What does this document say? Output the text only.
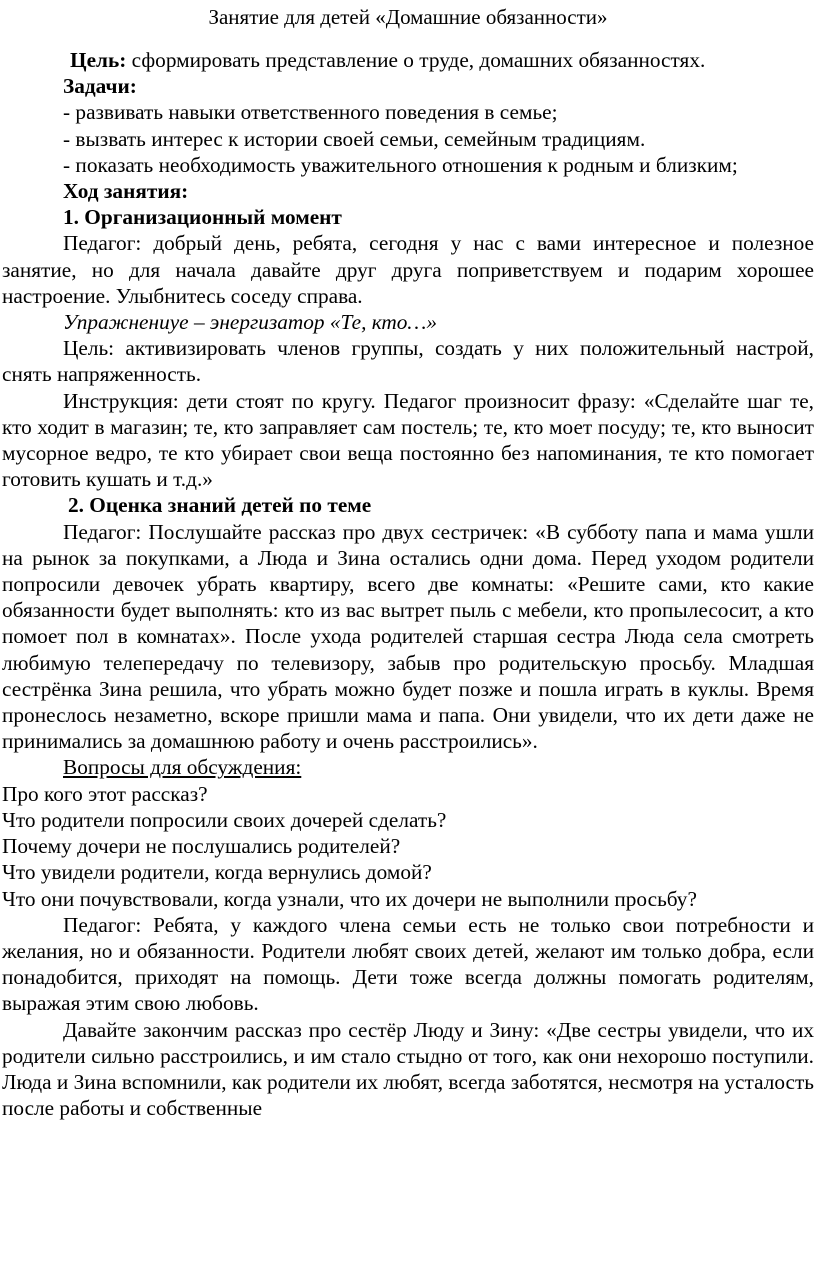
Занятие для детей «Домашние обязанности»

Цель: сформировать представление о труде, домашних обязанностях.

Задачи:

- развивать навыки ответственного поведения в семье;

- вызвать интерес к истории своей семьи, семейным традициям.

- показать необходимость уважительного отношения к родным и близким;

Ход занятия:

1. Организационный момент

Педагог: добрый день, ребята, сегодня у нас с вами интересное и полезное занятие, но для начала давайте друг друга поприветствуем и подарим хорошее настроение. Улыбнитесь соседу справа.

Упражнениye – энергизатор «Те, кто…»

Цель: активизировать членов группы, создать у них положительный настрой, снять напряженность.

Инструкция: дети стоят по кругу. Педагог произносит фразу: «Сделайте шаг те, кто ходит в магазин; те, кто заправляет сам постель; те, кто моет посуду; те, кто выносит мусорное ведро, те кто убирает свои веща постоянно без напоминания, те кто помогает готовить кушать и т.д.»

2. Оценка знаний детей по теме

Педагог: Послушайте рассказ про двух сестричек: «В субботу папа и мама ушли на рынок за покупками, а Люда и Зина остались одни дома. Перед уходом родители попросили девочек убрать квартиру, всего две комнаты: «Решите сами, кто какие обязанности будет выполнять: кто из вас вытрет пыль с мебели, кто пропылесосит, а кто помоет пол в комнатах». После ухода родителей старшая сестра Люда села смотреть любимую телепередачу по телевизору, забыв про родительскую просьбу. Младшая сестрёнка Зина решила, что убрать можно будет позже и пошла играть в куклы. Время пронеслось незаметно, вскоре пришли мама и папа. Они увидели, что их дети даже не принимались за домашнюю работу и очень расстроились».

Вопросы для обсуждения:

Про кого этот рассказ?

Что родители попросили своих дочерей сделать?

Почему дочери не послушались родителей?

Что увидели родители, когда вернулись домой?

Что они почувствовали, когда узнали, что их дочери не выполнили просьбу?

Педагог: Ребята, у каждого члена семьи есть не только свои потребности и желания, но и обязанности. Родители любят своих детей, желают им только добра, если понадобится, приходят на помощь. Дети тоже всегда должны помогать родителям, выражая этим свою любовь.

Давайте закончим рассказ про сестёр Люду и Зину: «Две сестры увидели, что их родители сильно расстроились, и им стало стыдно от того, как они нехорошо поступили. Люда и Зина вспомнили, как родители их любят, всегда заботятся, несмотря на усталость после работы и собственные
